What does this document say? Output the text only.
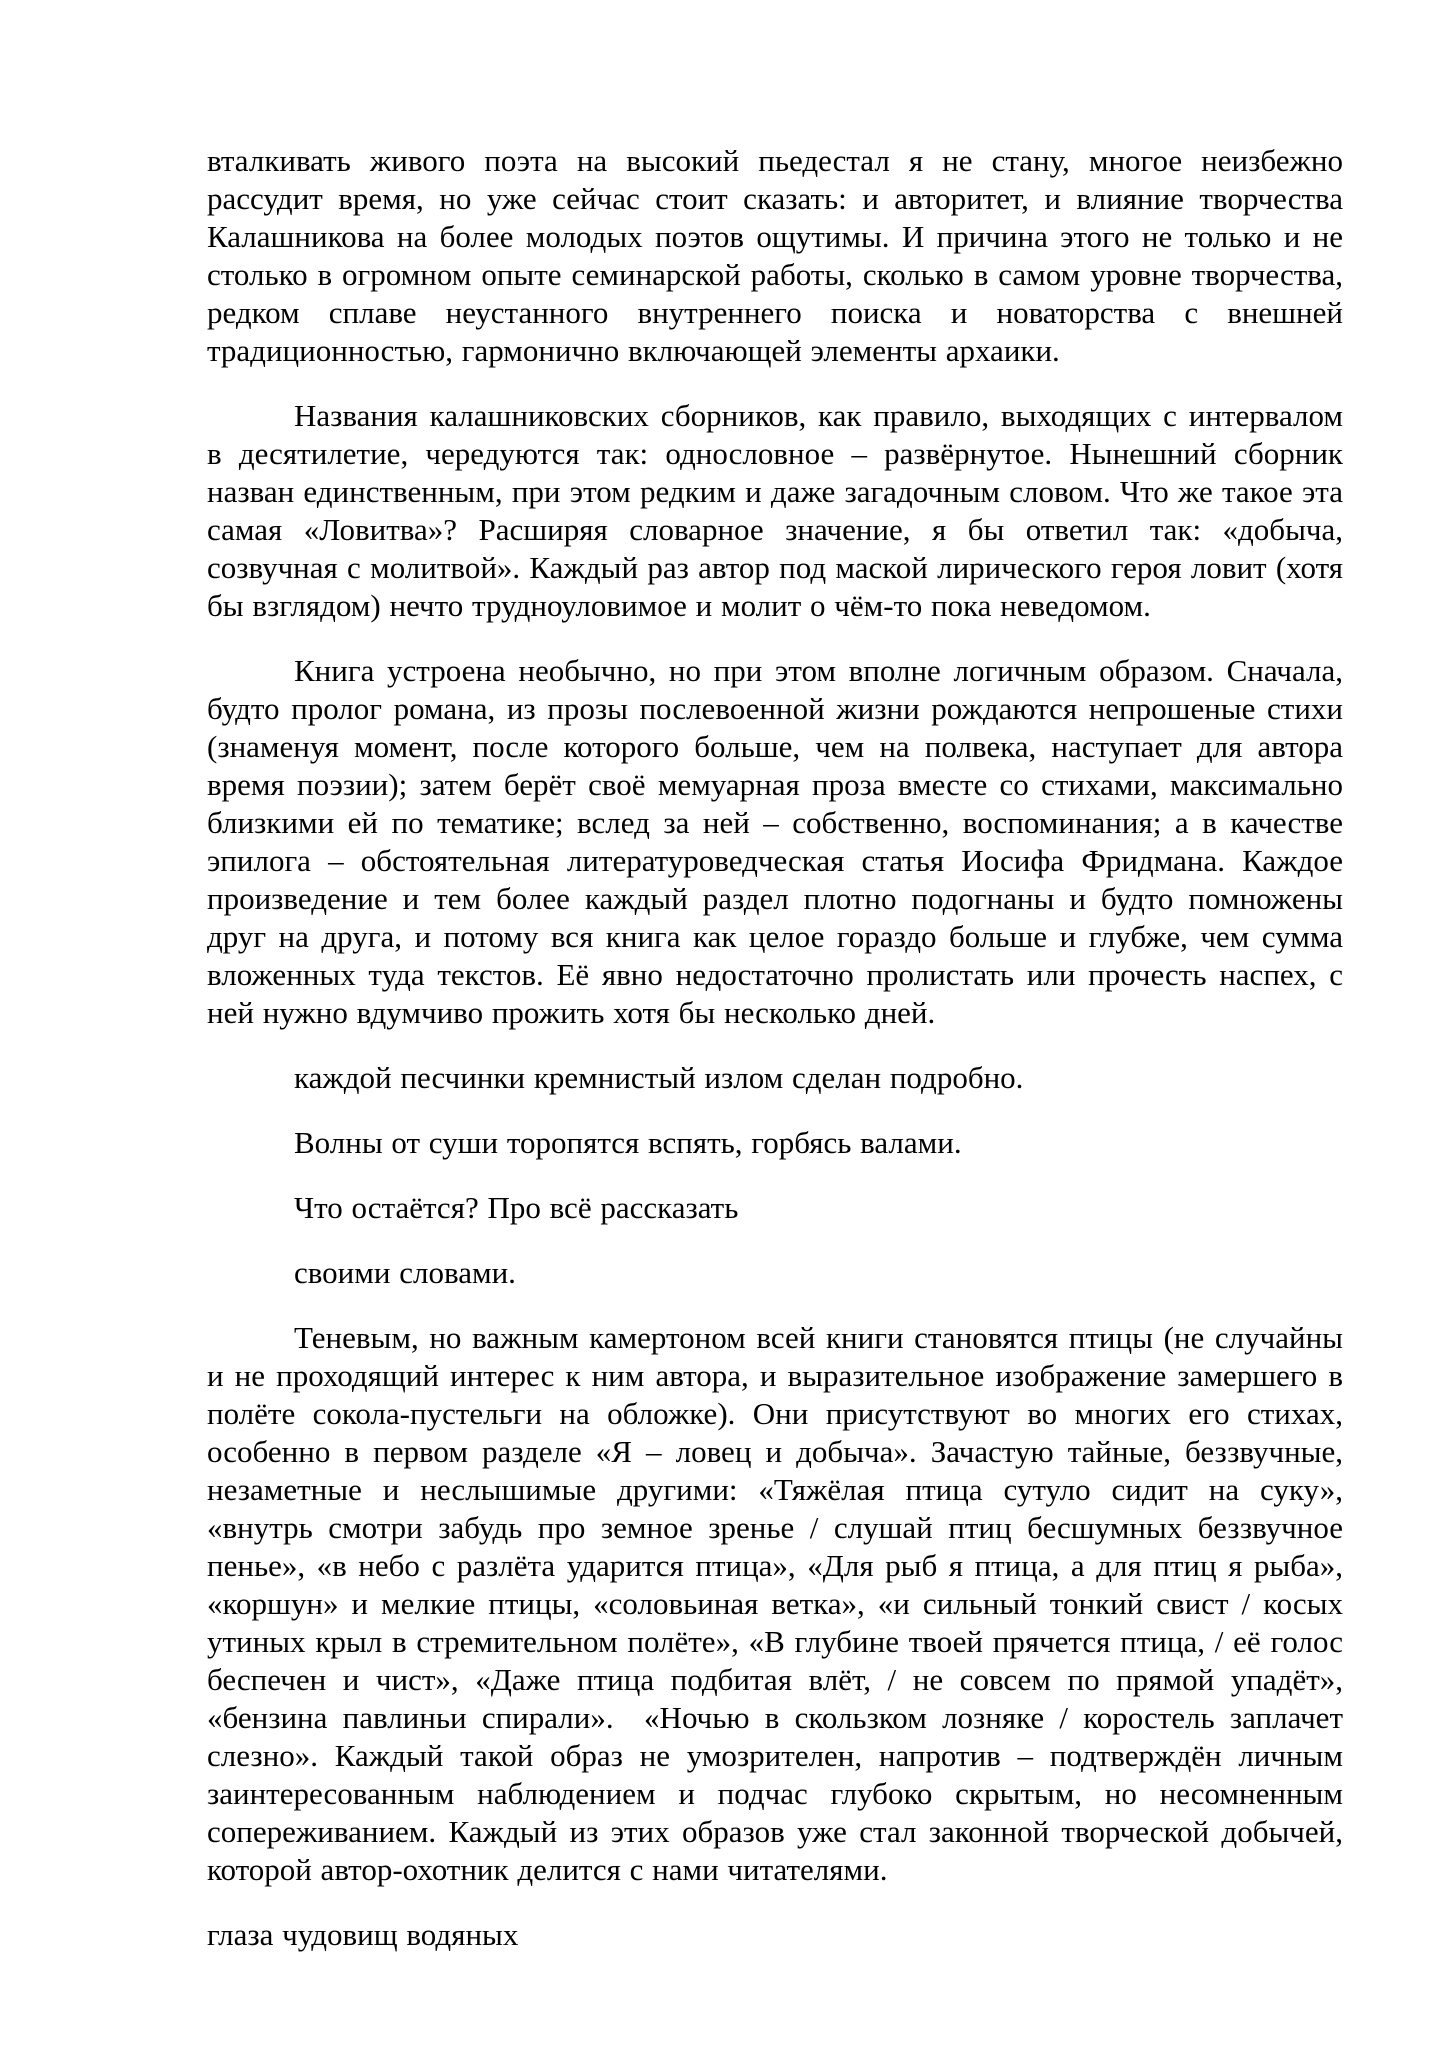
вталкивать живого поэта на высокий пьедестал я не стану, многое неизбежно рассудит время, но уже сейчас стоит сказать: и авторитет, и влияние творчества Калашникова на более молодых поэтов ощутимы. И причина этого не только и не столько в огромном опыте семинарской работы, сколько в самом уровне творчества, редком сплаве неустанного внутреннего поиска и новаторства с внешней традиционностью, гармонично включающей элементы архаики.

Названия калашниковских сборников, как правило, выходящих с интервалом в десятилетие, чередуются так: однословное – развёрнутое. Нынешний сборник назван единственным, при этом редким и даже загадочным словом. Что же такое эта самая «Ловитва»? Расширяя словарное значение, я бы ответил так: «добыча, созвучная с молитвой». Каждый раз автор под маской лирического героя ловит (хотя бы взглядом) нечто трудноуловимое и молит о чём-то пока неведомом.

Книга устроена необычно, но при этом вполне логичным образом. Сначала, будто пролог романа, из прозы послевоенной жизни рождаются непрошеные стихи (знаменуя момент, после которого больше, чем на полвека, наступает для автора время поэзии); затем берёт своё мемуарная проза вместе со стихами, максимально близкими ей по тематике; вслед за ней – собственно, воспоминания; а в качестве эпилога – обстоятельная литературоведческая статья Иосифа Фридмана. Каждое произведение и тем более каждый раздел плотно подогнаны и будто помножены друг на друга, и потому вся книга как целое гораздо больше и глубже, чем сумма вложенных туда текстов. Её явно недостаточно пролистать или прочесть наспех, с ней нужно вдумчиво прожить хотя бы несколько дней.

каждой песчинки кремнистый излом сделан подробно.

Волны от суши торопятся вспять, горбясь валами.

Что остаётся? Про всё рассказать

своими словами.

Теневым, но важным камертоном всей книги становятся птицы (не случайны и не проходящий интерес к ним автора, и выразительное изображение замершего в полёте сокола-пустельги на обложке). Они присутствуют во многих его стихах, особенно в первом разделе «Я – ловец и добыча». Зачастую тайные, беззвучные, незаметные и неслышимые другими: «Тяжёлая птица сутуло сидит на суку», «внутрь смотри забудь про земное зренье / слушай птиц бесшумных беззвучное пенье», «в небо с разлёта ударится птица», «Для рыб я птица, а для птиц я рыба», «коршун» и мелкие птицы, «соловьиная ветка», «и сильный тонкий свист / косых утиных крыл в стремительном полёте», «В глубине твоей прячется птица, / её голос беспечен и чист», «Даже птица подбитая влёт, / не совсем по прямой упадёт», «бензина павлиньи спирали».  «Ночью в скользком лозняке / коростель заплачет слезно». Каждый такой образ не умозрителен, напротив – подтверждён личным заинтересованным наблюдением и подчас глубоко скрытым, но несомненным сопереживанием. Каждый из этих образов уже стал законной творческой добычей, которой автор-охотник делится с нами читателями.

глаза чудовищ водяных
